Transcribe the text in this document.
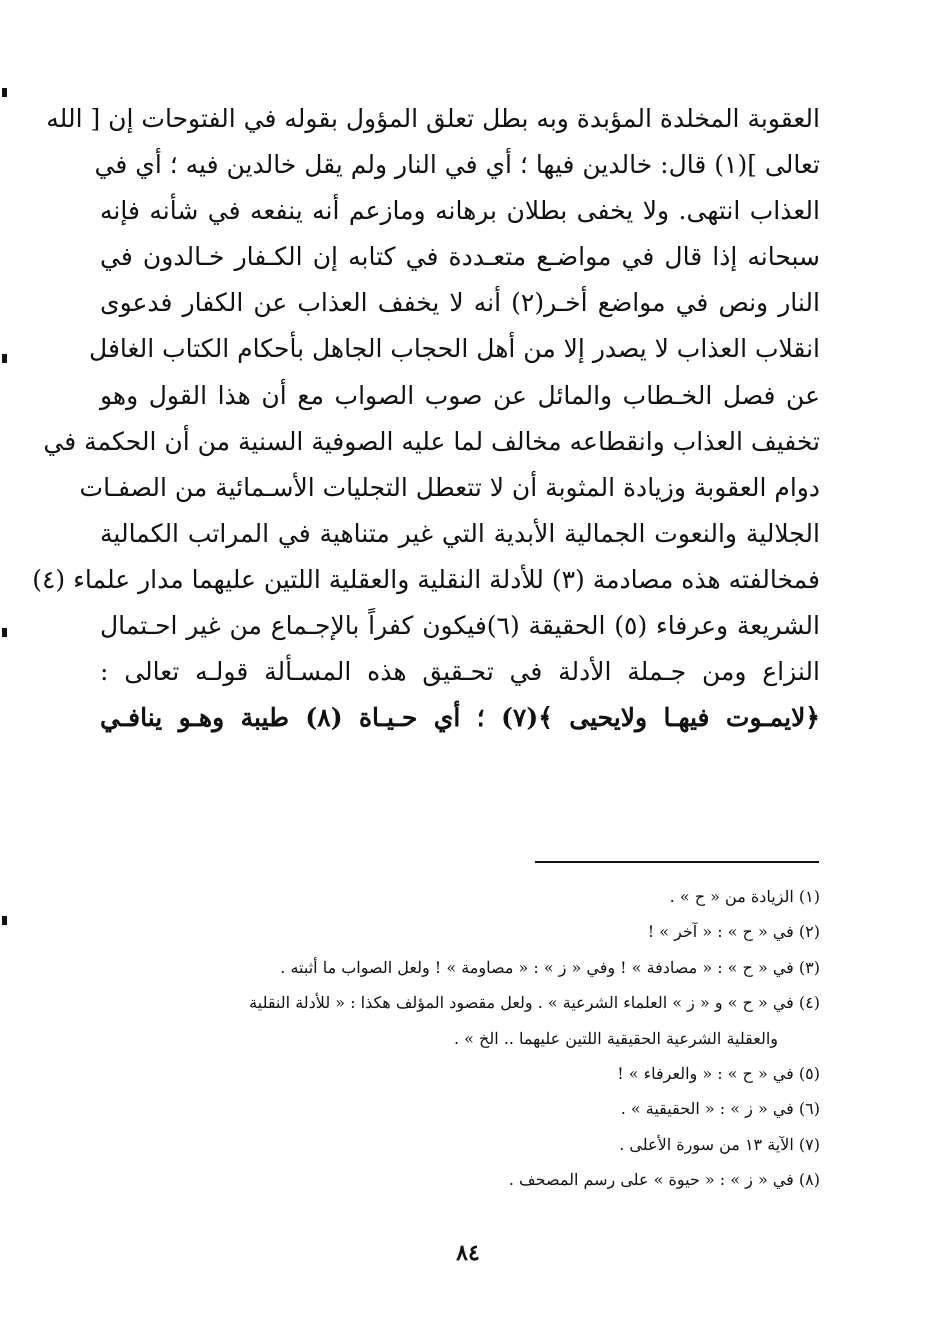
العقوبة المخلدة المؤبدة وبه بطل تعلق المؤول بقوله في الفتوحات إن [ الله
تعالى ](١) قال: خالدين فيها ؛ أي في النار ولم يقل خالدين فيه ؛ أي في
العذاب انتهى. ولا يخفى بطلان برهانه ومازعم أنه ينفعه في شأنه فإنه
سبحانه إذا قال في مواضـع متعـددة في كتابه إن الكـفار خـالدون في
النار ونص في مواضع أخـر(٢) أنه لا يخفف العذاب عن الكفار فدعوى
انقلاب العذاب لا يصدر إلا من أهل الحجاب الجاهل بأحكام الكتاب الغافل
عن فصل الخـطاب والمائل عن صوب الصواب مع أن هذا القول وهو
تخفيف العذاب وانقطاعه مخالف لما عليه الصوفية السنية من أن الحكمة في
دوام العقوبة وزيادة المثوبة أن لا تتعطل التجليات الأسـمائية من الصفـات
الجلالية والنعوت الجمالية الأبدية التي غير متناهية في المراتب الكمالية
فمخالفته هذه مصادمة (٣) للأدلة النقلية والعقلية اللتين عليهما مدار علماء (٤)
الشريعة وعرفاء (٥) الحقيقة (٦)فيكون كفراً بالإجـماع من غير احـتمال
النزاع ومن جـملة الأدلة في تحـقيق هذه المسـألة قولـه تعالى :
﴿لايمـوت فيهـا ولايحيى ﴾(٧) ؛ أي حـيـاة (٨) طيبة وهـو ينافـي
(١) الزيادة من « ح » .
(٢) في « ح » : « آخر » !
(٣) في « ح » : « مصادفة » ! وفي « ز » : « مصاومة » ! ولعل الصواب ما أثبته .
(٤) في « ح » و « ز » العلماء الشرعية » . ولعل مقصود المؤلف هكذا : « للأدلة النقلية
والعقلية الشرعية الحقيقية اللتين عليهما .. الخ » .
(٥) في « ح » : « والعرفاء » !
(٦) في « ز » : « الحقيقية » .
(٧) الآية ١٣ من سورة الأعلى .
(٨) في « ز » : « حيوة » على رسم المصحف .
٨٤
